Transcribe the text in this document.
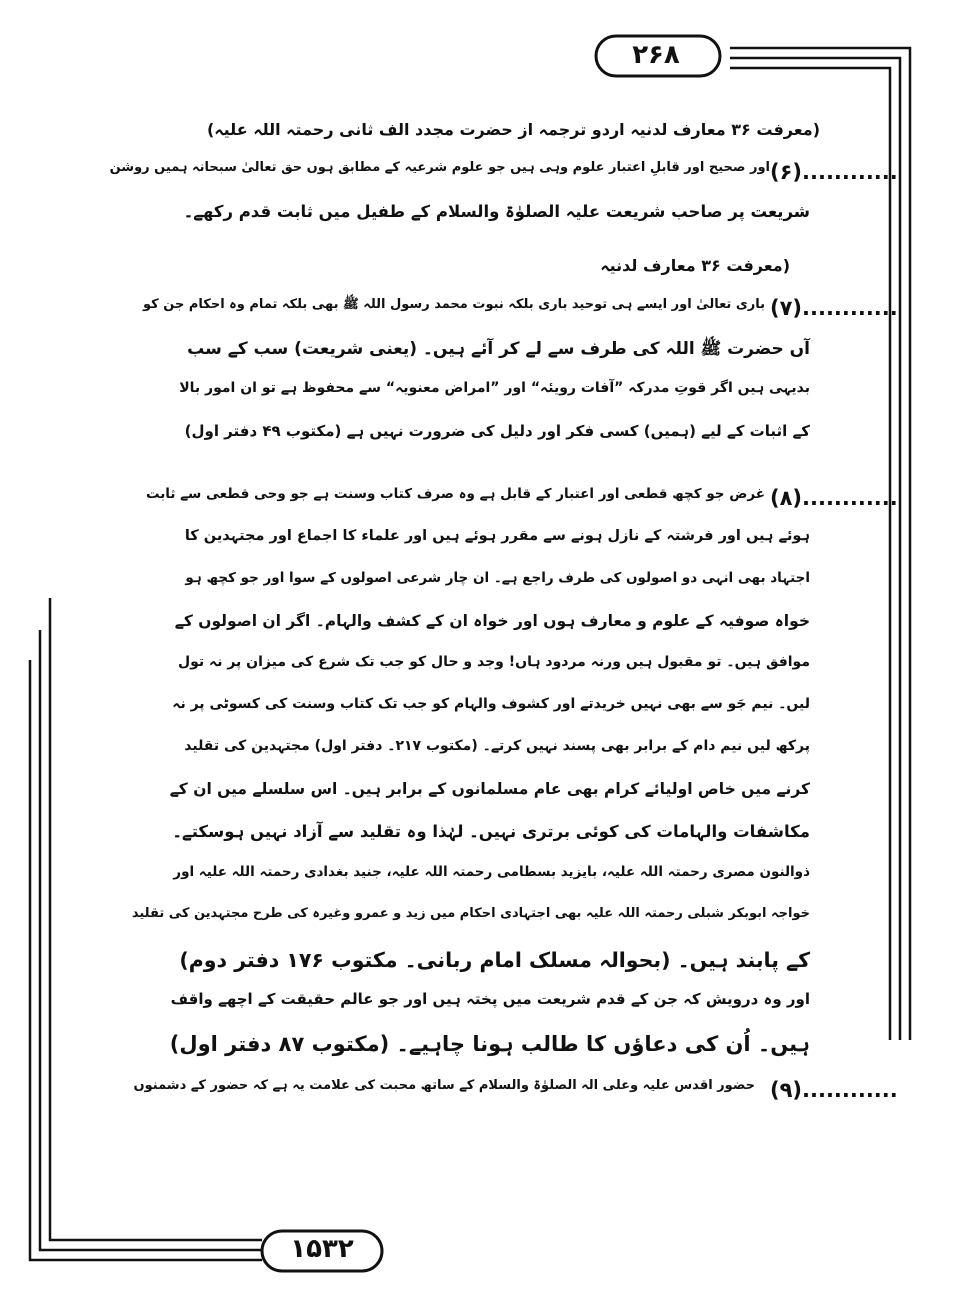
۲۶۸
۱۵۳۲
(معرفت ۳۶ معارف لدنیہ اردو ترجمہ از حضرت مجدد الف ثانی رحمتہ اللہ علیہ)
(۶)............
اور صحیح اور قابلِ اعتبار علوم وہی ہیں جو علوم شرعیہ کے مطابق ہوں حق تعالیٰ سبحانہ ہمیں روشن
شریعت پر صاحب شریعت علیہ الصلوٰۃ والسلام کے طفیل میں ثابت قدم رکھے۔
(معرفت ۳۶ معارف لدنیہ
(۷)............
باری تعالیٰ اور ایسے ہی توحید باری بلکہ نبوت محمد رسول اللہ ﷺ بھی بلکہ تمام وہ احکام جن کو
آں حضرت ﷺ اللہ کی طرف سے لے کر آئے ہیں۔ (یعنی شریعت) سب کے سب
بدیہی ہیں اگر قوتِ مدرکہ ”آفات رویئہ“ اور ”امراض معنویہ“ سے محفوظ ہے تو ان امور بالا
کے اثبات کے لیے (ہمیں) کسی فکر اور دلیل کی ضرورت نہیں ہے (مکتوب ۴۹ دفتر اول)
(۸)............
غرض جو کچھ قطعی اور اعتبار کے قابل ہے وہ صرف کتاب وسنت ہے جو وحی قطعی سے ثابت
ہوئے ہیں اور فرشتہ کے نازل ہونے سے مقرر ہوئے ہیں اور علماء کا اجماع اور مجتہدین کا
اجتہاد بھی انہی دو اصولوں کی طرف راجع ہے۔ ان چار شرعی اصولوں کے سوا اور جو کچھ ہو
خواہ صوفیہ کے علوم و معارف ہوں اور خواہ ان کے کشف والہام۔ اگر ان اصولوں کے
موافق ہیں۔ تو مقبول ہیں ورنہ مردود ہاں! وجد و حال کو جب تک شرع کی میزان پر نہ تول
لیں۔ نیم جَو سے بھی نہیں خریدتے اور کشوف والہام کو جب تک کتاب وسنت کی کسوٹی پر نہ
پرکھ لیں نیم دام کے برابر بھی پسند نہیں کرتے۔ (مکتوب ۲۱۷۔ دفتر اول) مجتہدین کی تقلید
کرنے میں خاص اولیائے کرام بھی عام مسلمانوں کے برابر ہیں۔ اس سلسلے میں ان کے
مکاشفات والہامات کی کوئی برتری نہیں۔ لہٰذا وہ تقلید سے آزاد نہیں ہوسکتے۔
ذوالنون مصری رحمتہ اللہ علیہ، بایزید بسطامی رحمتہ اللہ علیہ، جنید بغدادی رحمتہ اللہ علیہ اور
خواجہ ابوبکر شبلی رحمتہ اللہ علیہ بھی اجتہادی احکام میں زید و عمرو وغیرہ کی طرح مجتہدین کی تقلید
کے پابند ہیں۔ (بحوالہ مسلک امام ربانی۔ مکتوب ۱۷۶ دفتر دوم)
اور وہ درویش کہ جن کے قدم شریعت میں پختہ ہیں اور جو عالم حقیقت کے اچھے واقف
ہیں۔ اُن کی دعاؤں کا طالب ہونا چاہیے۔ (مکتوب ۸۷ دفتر اول)
(۹)............
حضور اقدس علیہ وعلی الہ الصلوٰۃ والسلام کے ساتھ محبت کی علامت یہ ہے کہ حضور کے دشمنوں
